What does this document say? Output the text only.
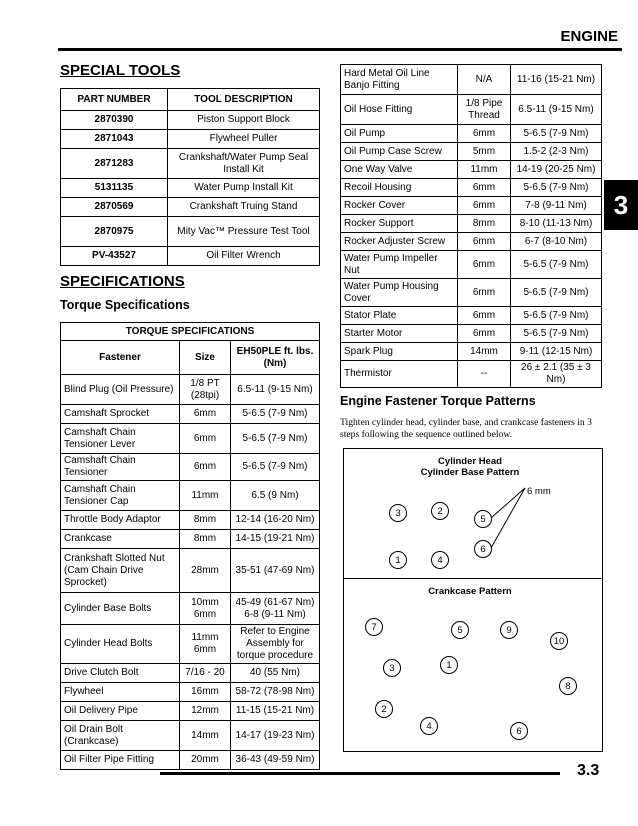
ENGINE
3
SPECIAL TOOLS
PART NUMBER	TOOL DESCRIPTION
2870390	Piston Support Block
2871043	Flywheel Puller
2871283	Crankshaft/Water Pump Seal Install Kit
5131135	Water Pump Install Kit
2870569	Crankshaft Truing Stand
2870975	Mity Vac™ Pressure Test Tool
PV-43527	Oil Filter Wrench
SPECIFICATIONS
Torque Specifications
TORQUE SPECIFICATIONS		
Fastener	Size	EH50PLE ft. lbs. (Nm)
Blind Plug (Oil Pressure)	1/8 PT (28tpi)	6.5-11 (9-15 Nm)
Camshaft Sprocket	6mm	5-6.5 (7-9 Nm)
Camshaft Chain Tensioner Lever	6mm	5-6.5 (7-9 Nm)
Camshaft Chain Tensioner	6mm	5-6.5 (7-9 Nm)
Camshaft Chain Tensioner Cap	11mm	6.5 (9 Nm)
Throttle Body Adaptor	8mm	12-14 (16-20 Nm)
Crankcase	8mm	14-15 (19-21 Nm)
Crankshaft Slotted Nut (Cam Chain Drive Sprocket)	28mm	35-51 (47-69 Nm)
Cylinder Base Bolts	10mm 6mm	45-49 (61-67 Nm) 6-8 (9-11 Nm)
Cylinder Head Bolts	11mm 6mm	Refer to Engine Assembly for torque procedure
Drive Clutch Bolt	7/16 - 20	40 (55 Nm)
Flywheel	16mm	58-72 (78-98 Nm)
Oil Delivery Pipe	12mm	11-15 (15-21 Nm)
Oil Drain Bolt (Crankcase)	14mm	14-17 (19-23 Nm)
Oil Filter Pipe Fitting	20mm	36-43 (49-59 Nm)
Hard Metal Oil Line Banjo Fitting	N/A	11-16 (15-21 Nm)
Oil Hose Fitting	1/8 Pipe Thread	6.5-11 (9-15 Nm)
Oil Pump	6mm	5-6.5 (7-9 Nm)
Oil Pump Case Screw	5mm	1.5-2 (2-3 Nm)
One Way Valve	11mm	14-19 (20-25 Nm)
Recoil Housing	6mm	5-6.5 (7-9 Nm)
Rocker Cover	6mm	7-8 (9-11 Nm)
Rocker Support	8mm	8-10 (11-13 Nm)
Rocker Adjuster Screw	6mm	6-7 (8-10 Nm)
Water Pump Impeller Nut	6mm	5-6.5 (7-9 Nm)
Water Pump Housing Cover	6mm	5-6.5 (7-9 Nm)
Stator Plate	6mm	5-6.5 (7-9 Nm)
Starter Motor	6mm	5-6.5 (7-9 Nm)
Spark Plug	14mm	9-11 (12-15 Nm)
Thermistor	--	26 ± 2.1 (35 ± 3 Nm)
Engine Fastener Torque Patterns
Tighten cylinder head, cylinder base, and crankcase fasteners in 3 steps following the sequence outlined below.
Cylinder Head Cylinder Base Pattern
6 mm
3	2
5
6
1	4
Crankcase Pattern
7	5	9
10
3	1
8
2
4	6
3.3
